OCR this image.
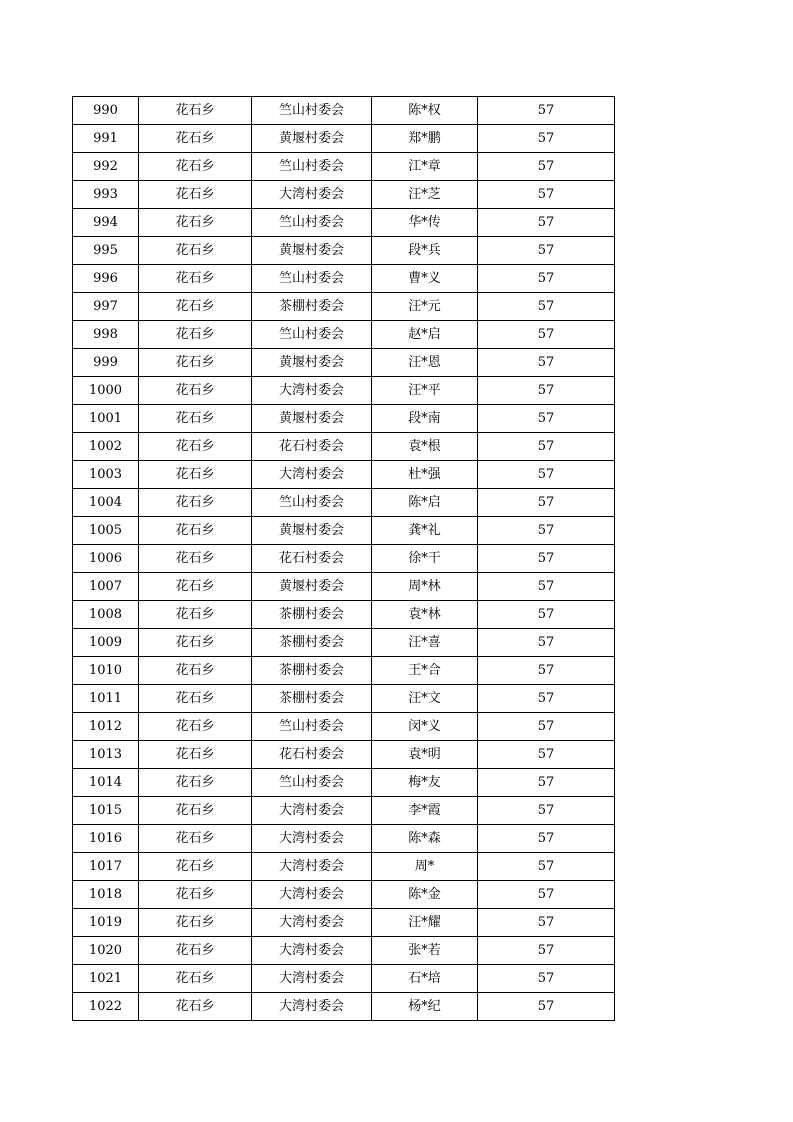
990	花石乡	竺山村委会	陈*权	57
991	花石乡	黄堰村委会	郑*鹏	57
992	花石乡	竺山村委会	江*章	57
993	花石乡	大湾村委会	汪*芝	57
994	花石乡	竺山村委会	华*传	57
995	花石乡	黄堰村委会	段*兵	57
996	花石乡	竺山村委会	曹*义	57
997	花石乡	茶棚村委会	汪*元	57
998	花石乡	竺山村委会	赵*启	57
999	花石乡	黄堰村委会	汪*恩	57
1000	花石乡	大湾村委会	汪*平	57
1001	花石乡	黄堰村委会	段*南	57
1002	花石乡	花石村委会	袁*根	57
1003	花石乡	大湾村委会	杜*强	57
1004	花石乡	竺山村委会	陈*启	57
1005	花石乡	黄堰村委会	龚*礼	57
1006	花石乡	花石村委会	徐*干	57
1007	花石乡	黄堰村委会	周*林	57
1008	花石乡	茶棚村委会	袁*林	57
1009	花石乡	茶棚村委会	汪*喜	57
1010	花石乡	茶棚村委会	王*合	57
1011	花石乡	茶棚村委会	汪*文	57
1012	花石乡	竺山村委会	闵*义	57
1013	花石乡	花石村委会	袁*明	57
1014	花石乡	竺山村委会	梅*友	57
1015	花石乡	大湾村委会	李*霞	57
1016	花石乡	大湾村委会	陈*森	57
1017	花石乡	大湾村委会	周*	57
1018	花石乡	大湾村委会	陈*金	57
1019	花石乡	大湾村委会	汪*耀	57
1020	花石乡	大湾村委会	张*若	57
1021	花石乡	大湾村委会	石*培	57
1022	花石乡	大湾村委会	杨*纪	57
